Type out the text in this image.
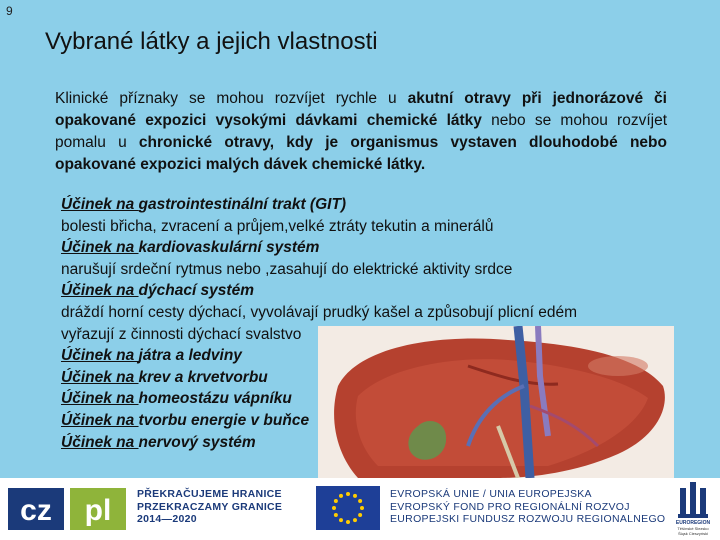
9
Vybrané látky a jejich vlastnosti

Klinické příznaky se mohou rozvíjet rychle u akutní otravy při jednorázové či opakované expozici vysokými dávkami chemické látky nebo se mohou rozvíjet pomalu u chronické otravy, kdy je organismus vystaven dlouhodobé nebo opakované expozici malých dávek chemické látky.

Účinek na gastrointestinální trakt (GIT)
bolesti břicha, zvracení a průjem,velké ztráty tekutin a minerálů
Účinek na kardiovaskulární systém
narušují srdeční rytmus nebo ,zasahují do elektrické aktivity srdce
Účinek na dýchací systém
dráždí horní cesty dýchací, vyvolávají prudký kašel a způsobují plicní edém
vyřazují z činnosti dýchací svalstvo
Účinek na játra a ledviny
Účinek na krev a krvetvorbu
Účinek na homeostázu vápníku
Účinek na tvorbu energie v buňce
Účinek na nervový systém
cz pl PŘEKRAČUJEME HRANICE
PRZEKRACZAMY GRANICE
2014—2020
EVROPSKÁ UNIE / UNIA EUROPEJSKA
EVROPSKÝ FOND PRO REGIONÁLNÍ ROZVOJ
EUROPEJSKI FUNDUSZ ROZWOJU REGIONALNEGO	EUROREGION
Těšínské Slezsko
Śląsk Cieszyński
